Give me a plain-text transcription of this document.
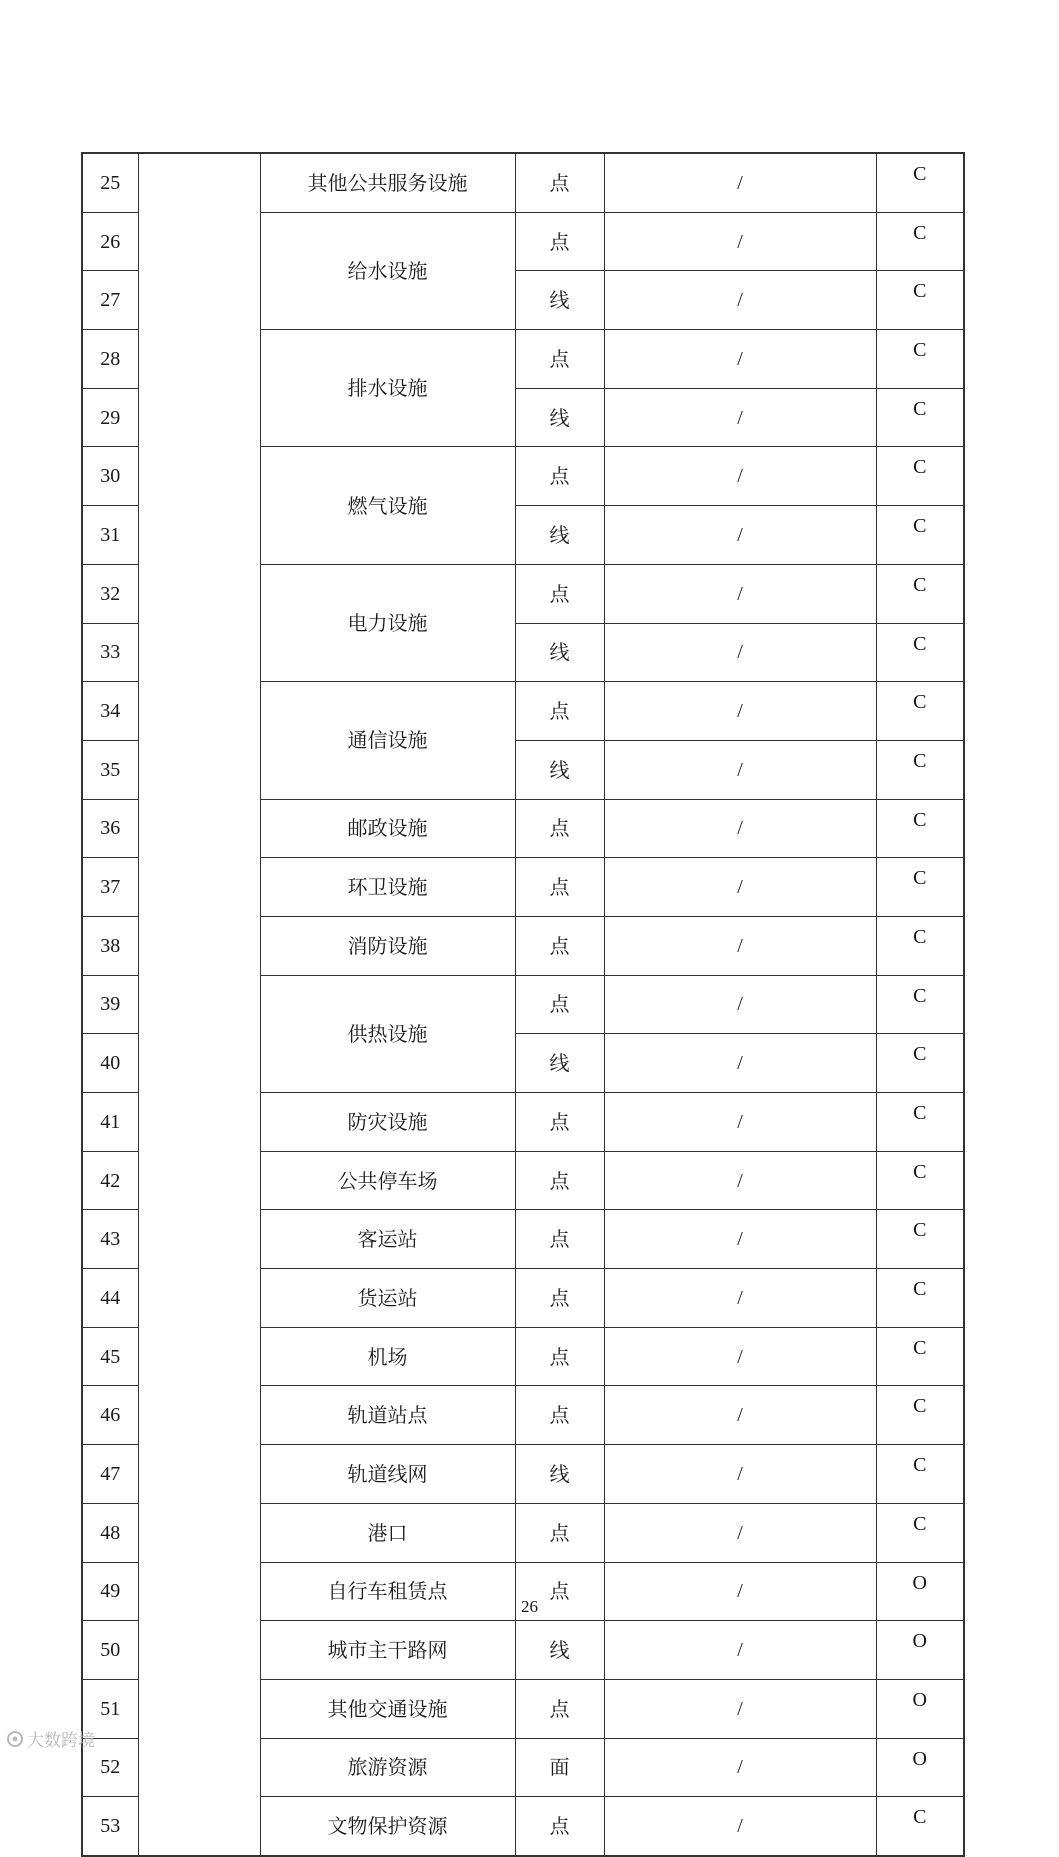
25		其他公共服务设施	点	/	C
26		给水设施	点	/	C
27			线	/	C
28		排水设施	点	/	C
29			线	/	C
30		燃气设施	点	/	C
31			线	/	C
32		电力设施	点	/	C
33			线	/	C
34		通信设施	点	/	C
35			线	/	C
36		邮政设施	点	/	C
37		环卫设施	点	/	C
38		消防设施	点	/	C
39		供热设施	点	/	C
40			线	/	C
41		防灾设施	点	/	C
42		公共停车场	点	/	C
43		客运站	点	/	C
44		货运站	点	/	C
45		机场	点	/	C
46		轨道站点	点	/	C
47		轨道线网	线	/	C
48		港口	点	/	C
49		自行车租赁点	点	/	O
50		城市主干路网	线	/	O
51		其他交通设施	点	/	O
52		旅游资源	面	/	O
53		文物保护资源	点	/	C
26
大数跨境
